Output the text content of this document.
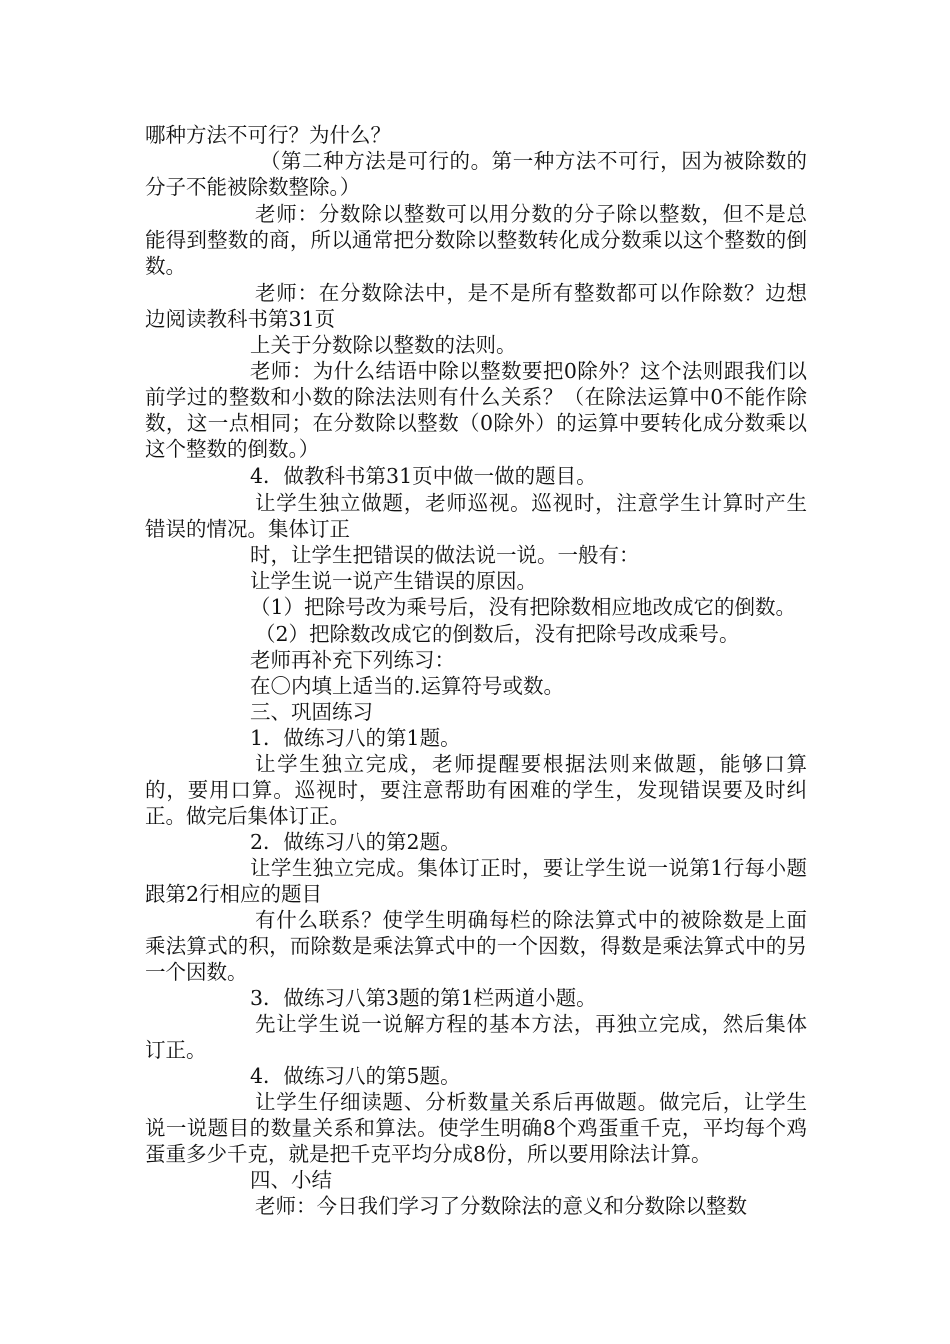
哪种方法不可行？为什么？

（第二种方法是可行的。第一种方法不可行，因为被除数的分子不能被除数整除。）

老师：分数除以整数可以用分数的分子除以整数，但不是总能得到整数的商，所以通常把分数除以整数转化成分数乘以这个整数的倒数。

老师：在分数除法中，是不是所有整数都可以作除数？边想边阅读教科书第31页

上关于分数除以整数的法则。

老师：为什么结语中除以整数要把0除外？这个法则跟我们以前学过的整数和小数的除法法则有什么关系？（在除法运算中0不能作除数，这一点相同；在分数除以整数（0除外）的运算中要转化成分数乘以这个整数的倒数。）

4．做教科书第31页中做一做的题目。

让学生独立做题，老师巡视。巡视时，注意学生计算时产生错误的情况。集体订正

时，让学生把错误的做法说一说。一般有：

让学生说一说产生错误的原因。

（1）把除号改为乘号后，没有把除数相应地改成它的倒数。

（2）把除数改成它的倒数后，没有把除号改成乘号。

老师再补充下列练习：

在〇内填上适当的.运算符号或数。

三、巩固练习

1．做练习八的第1题。

让学生独立完成，老师提醒要根据法则来做题，能够口算的，要用口算。巡视时，要注意帮助有困难的学生，发现错误要及时纠正。做完后集体订正。

2．做练习八的第2题。

让学生独立完成。集体订正时，要让学生说一说第1行每小题跟第2行相应的题目

有什么联系？使学生明确每栏的除法算式中的被除数是上面乘法算式的积，而除数是乘法算式中的一个因数，得数是乘法算式中的另一个因数。

3．做练习八第3题的第1栏两道小题。

先让学生说一说解方程的基本方法，再独立完成，然后集体订正。

4．做练习八的第5题。

让学生仔细读题、分析数量关系后再做题。做完后，让学生说一说题目的数量关系和算法。使学生明确8个鸡蛋重千克，平均每个鸡蛋重多少千克，就是把千克平均分成8份，所以要用除法计算。

四、小结

老师：今日我们学习了分数除法的意义和分数除以整数
